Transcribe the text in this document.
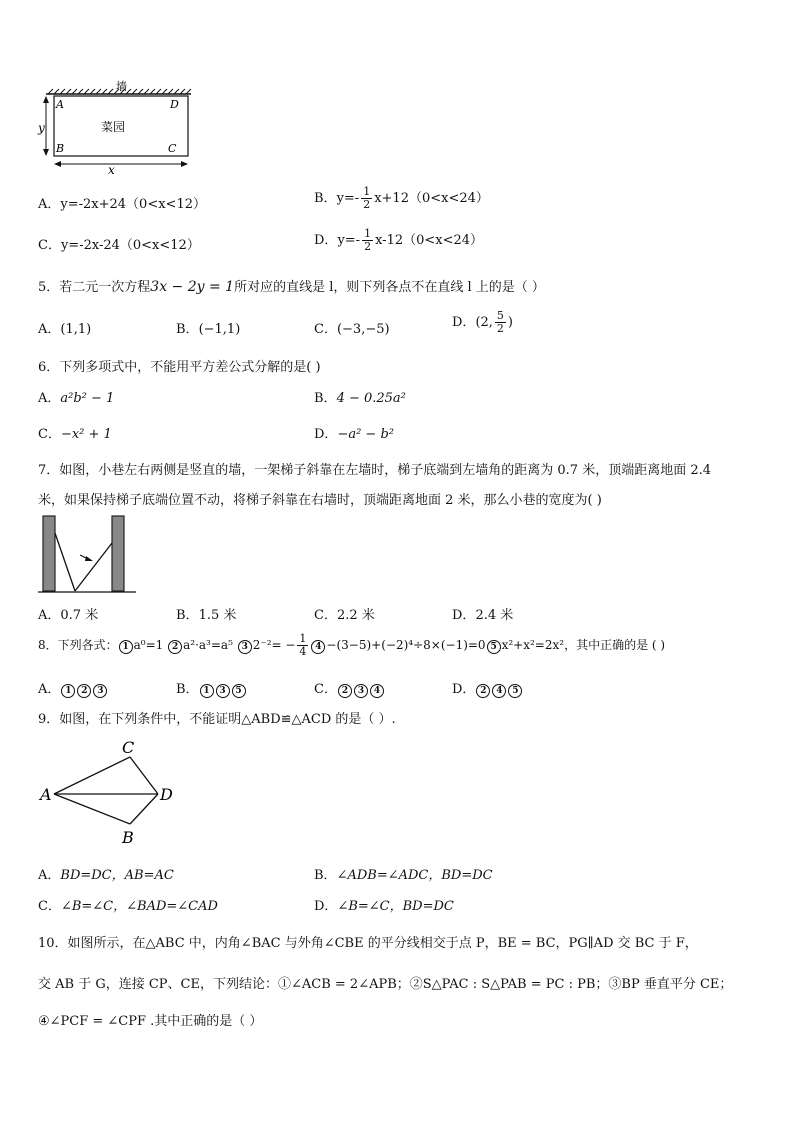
墙
A	D
B	C
菜园
y
x
A．y=-2x+24（0<x<12）	B．$y=- \frac{1}{2} x+12(0<x<24)$
C．y=-2x-24（0<x<12）	D．$y=- \frac{1}{2} x-12(0<x<24)$
5．若二元一次方程3x − 2y = 1所对应的直线是 l，则下列各点不在直线 l 上的是（ ）
A．(1,1)	B．(−1,1)	C．(−3,−5)	D．(2, $\frac{5}{2}$ )
6．下列多项式中，不能用平方差公式分解的是( )
A．a²b² − 1	B．4 − 0.25a²
C．−x² + 1	D．−a² − b²
7．如图，小巷左右两侧是竖直的墙，一架梯子斜靠在左墙时，梯子底端到左墙角的距离为 0.7 米，顶端距离地面 2.4
米，如果保持梯子底端位置不动，将梯子斜靠在右墙时，顶端距离地面 2 米，那么小巷的宽度为( )
A．0.7 米	B．1.5 米	C．2.2 米	D．2.4 米
8．下列各式： 1 a⁰=1 2 a²·a³=a⁵ 3 $2^{-2}= - \frac{1}{4} 4 -(3-5)+(-2)^4\div 8\times(-1)=0$ 5 x²+x²=2x²，其中正确的是 ( )
A． 1 2 3	B． 1 3 5	C． 2 3 4	D． 2 4 5
9．如图，在下列条件中，不能证明△ABD≌△ACD 的是（ ）.
A
C
D
B
A．BD=DC，AB=AC	B．∠ADB=∠ADC，BD=DC
C．∠B=∠C，∠BAD=∠CAD	D．∠B=∠C，BD=DC
10．如图所示，在△ABC 中，内角∠BAC 与外角∠CBE 的平分线相交于点 P，BE = BC，PG∥AD 交 BC 于 F，
交 AB 于 G，连接 CP、CE，下列结论：①∠ACB = 2∠APB；②S△PAC : S△PAB = PC : PB；③BP 垂直平分 CE；
④∠PCF = ∠CPF .其中正确的是（ ）
